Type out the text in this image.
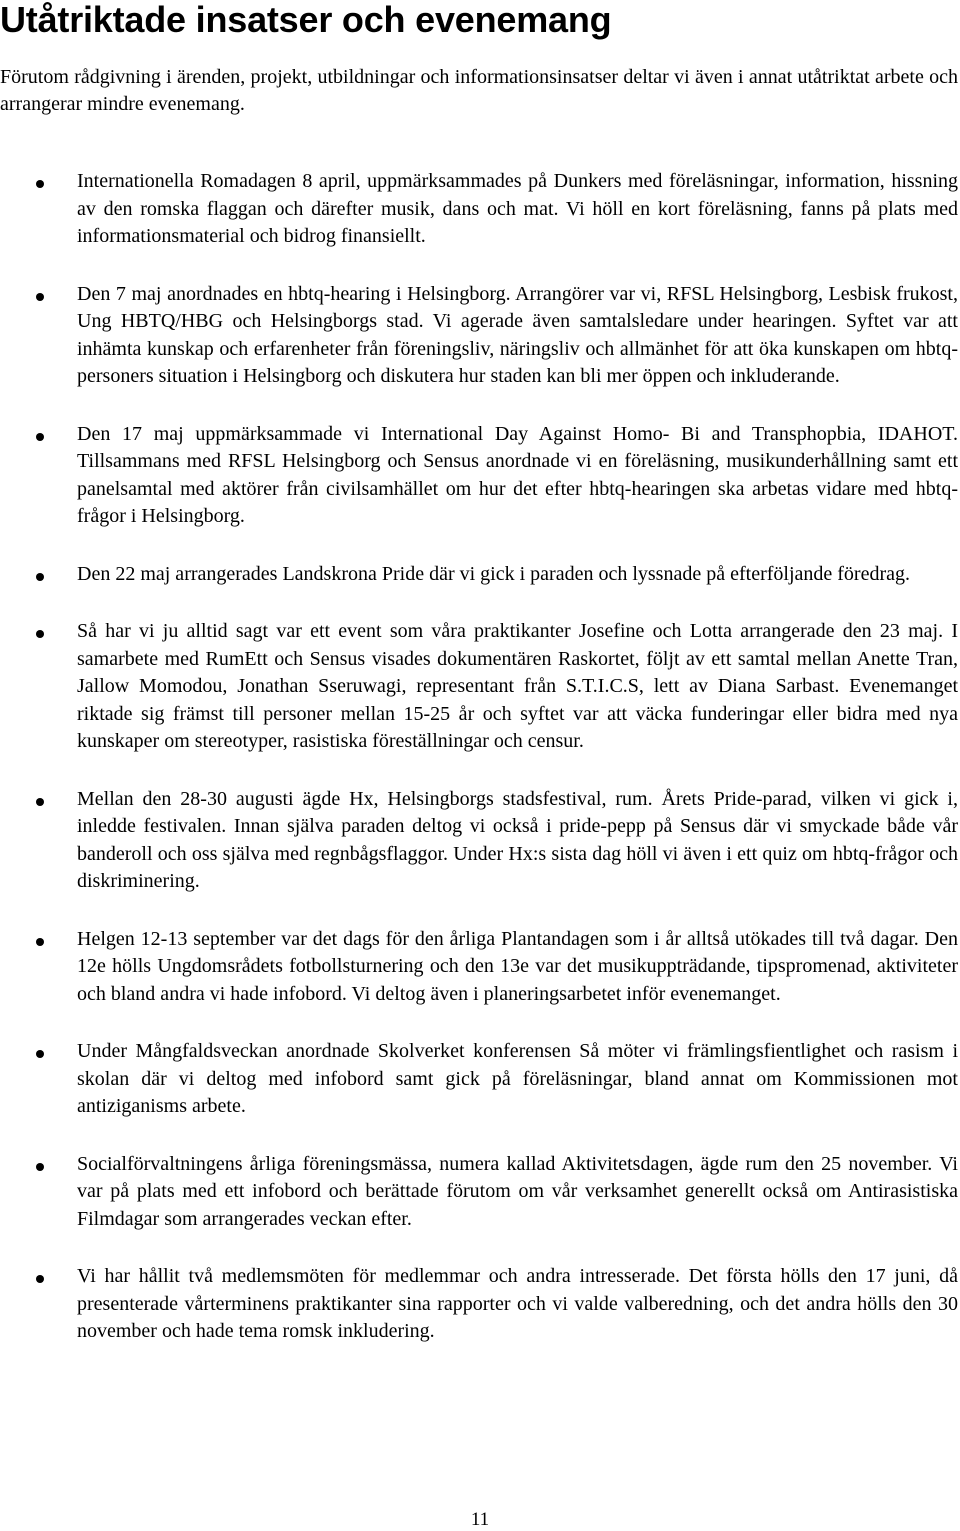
Utåtriktade insatser och evenemang

Förutom rådgivning i ärenden, projekt, utbildningar och informationsinsatser deltar vi även i annat utåtriktat arbete och arrangerar mindre evenemang.

Internationella Romadagen 8 april, uppmärksammades på Dunkers med föreläsningar, information, hissning av den romska flaggan och därefter musik, dans och mat. Vi höll en kort föreläsning, fanns på plats med informationsmaterial och bidrog finansiellt.
Den 7 maj anordnades en hbtq-hearing i Helsingborg. Arrangörer var vi, RFSL Helsingborg, Lesbisk frukost, Ung HBTQ/HBG och Helsingborgs stad. Vi agerade även samtalsledare under hearingen. Syftet var att inhämta kunskap och erfarenheter från föreningsliv, näringsliv och allmänhet för att öka kunskapen om hbtq-personers situation i Helsingborg och diskutera hur staden kan bli mer öppen och inkluderande.
Den 17 maj uppmärksammade vi International Day Against Homo- Bi and Transphopbia, IDAHOT. Tillsammans med RFSL Helsingborg och Sensus anordnade vi en föreläsning, musikunderhållning samt ett panelsamtal med aktörer från civilsamhället om hur det efter hbtq-hearingen ska arbetas vidare med hbtq-frågor i Helsingborg.
Den 22 maj arrangerades Landskrona Pride där vi gick i paraden och lyssnade på efterföljande föredrag.
Så har vi ju alltid sagt var ett event som våra praktikanter Josefine och Lotta arrangerade den 23 maj. I samarbete med RumEtt och Sensus visades dokumentären Raskortet, följt av ett samtal mellan Anette Tran, Jallow Momodou, Jonathan Sseruwagi, representant från S.T.I.C.S, lett av Diana Sarbast. Evenemanget riktade sig främst till personer mellan 15-25 år och syftet var att väcka funderingar eller bidra med nya kunskaper om stereotyper, rasistiska föreställningar och censur.
Mellan den 28-30 augusti ägde Hx, Helsingborgs stadsfestival, rum. Årets Pride-parad, vilken vi gick i, inledde festivalen. Innan själva paraden deltog vi också i pride-pepp på Sensus där vi smyckade både vår banderoll och oss själva med regnbågsflaggor. Under Hx:s sista dag höll vi även i ett quiz om hbtq-frågor och diskriminering.
Helgen 12-13 september var det dags för den årliga Plantandagen som i år alltså utökades till två dagar. Den 12e hölls Ungdomsrådets fotbollsturnering och den 13e var det musikuppträdande, tipspromenad, aktiviteter och bland andra vi hade infobord. Vi deltog även i planeringsarbetet inför evenemanget.
Under Mångfaldsveckan anordnade Skolverket konferensen Så möter vi främlingsfientlighet och rasism i skolan där vi deltog med infobord samt gick på föreläsningar, bland annat om Kommissionen mot antiziganisms arbete.
Socialförvaltningens årliga föreningsmässa, numera kallad Aktivitetsdagen, ägde rum den 25 november. Vi var på plats med ett infobord och berättade förutom om vår verksamhet generellt också om Antirasistiska Filmdagar som arrangerades veckan efter.
Vi har hållit två medlemsmöten för medlemmar och andra intresserade. Det första hölls den 17 juni, då presenterade vårterminens praktikanter sina rapporter och vi valde valberedning, och det andra hölls den 30 november och hade tema romsk inkludering.
11
